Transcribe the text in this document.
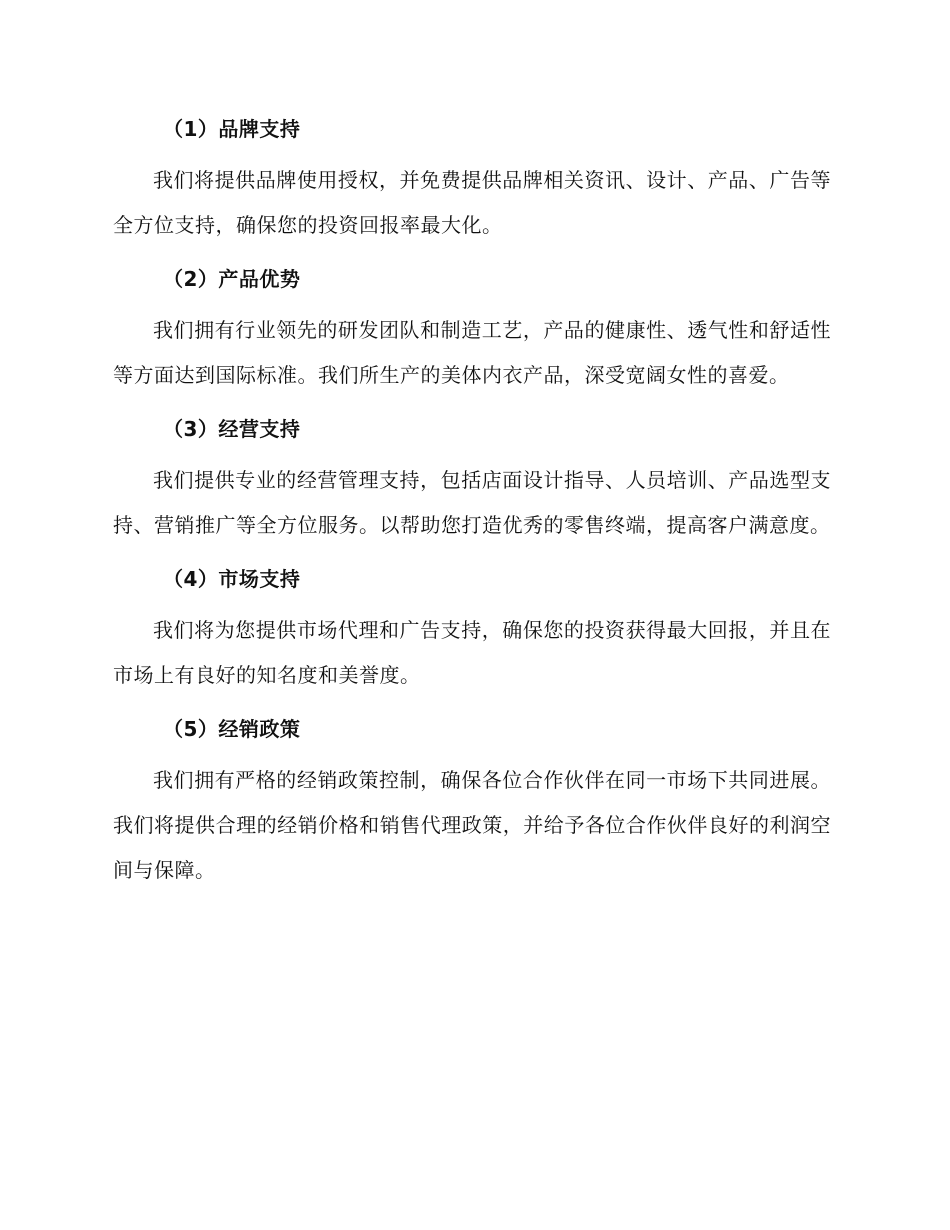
（1）品牌支持

我们将提供品牌使用授权，并免费提供品牌相关资讯、设计、产品、广告等全方位支持，确保您的投资回报率最大化。

（2）产品优势

我们拥有行业领先的研发团队和制造工艺，产品的健康性、透气性和舒适性等方面达到国际标准。我们所生产的美体内衣产品，深受宽阔女性的喜爱。

（3）经营支持

我们提供专业的经营管理支持，包括店面设计指导、人员培训、产品选型支持、营销推广等全方位服务。以帮助您打造优秀的零售终端，提高客户满意度。

（4）市场支持

我们将为您提供市场代理和广告支持，确保您的投资获得最大回报，并且在市场上有良好的知名度和美誉度。

（5）经销政策

我们拥有严格的经销政策控制，确保各位合作伙伴在同一市场下共同进展。我们将提供合理的经销价格和销售代理政策，并给予各位合作伙伴良好的利润空间与保障。
